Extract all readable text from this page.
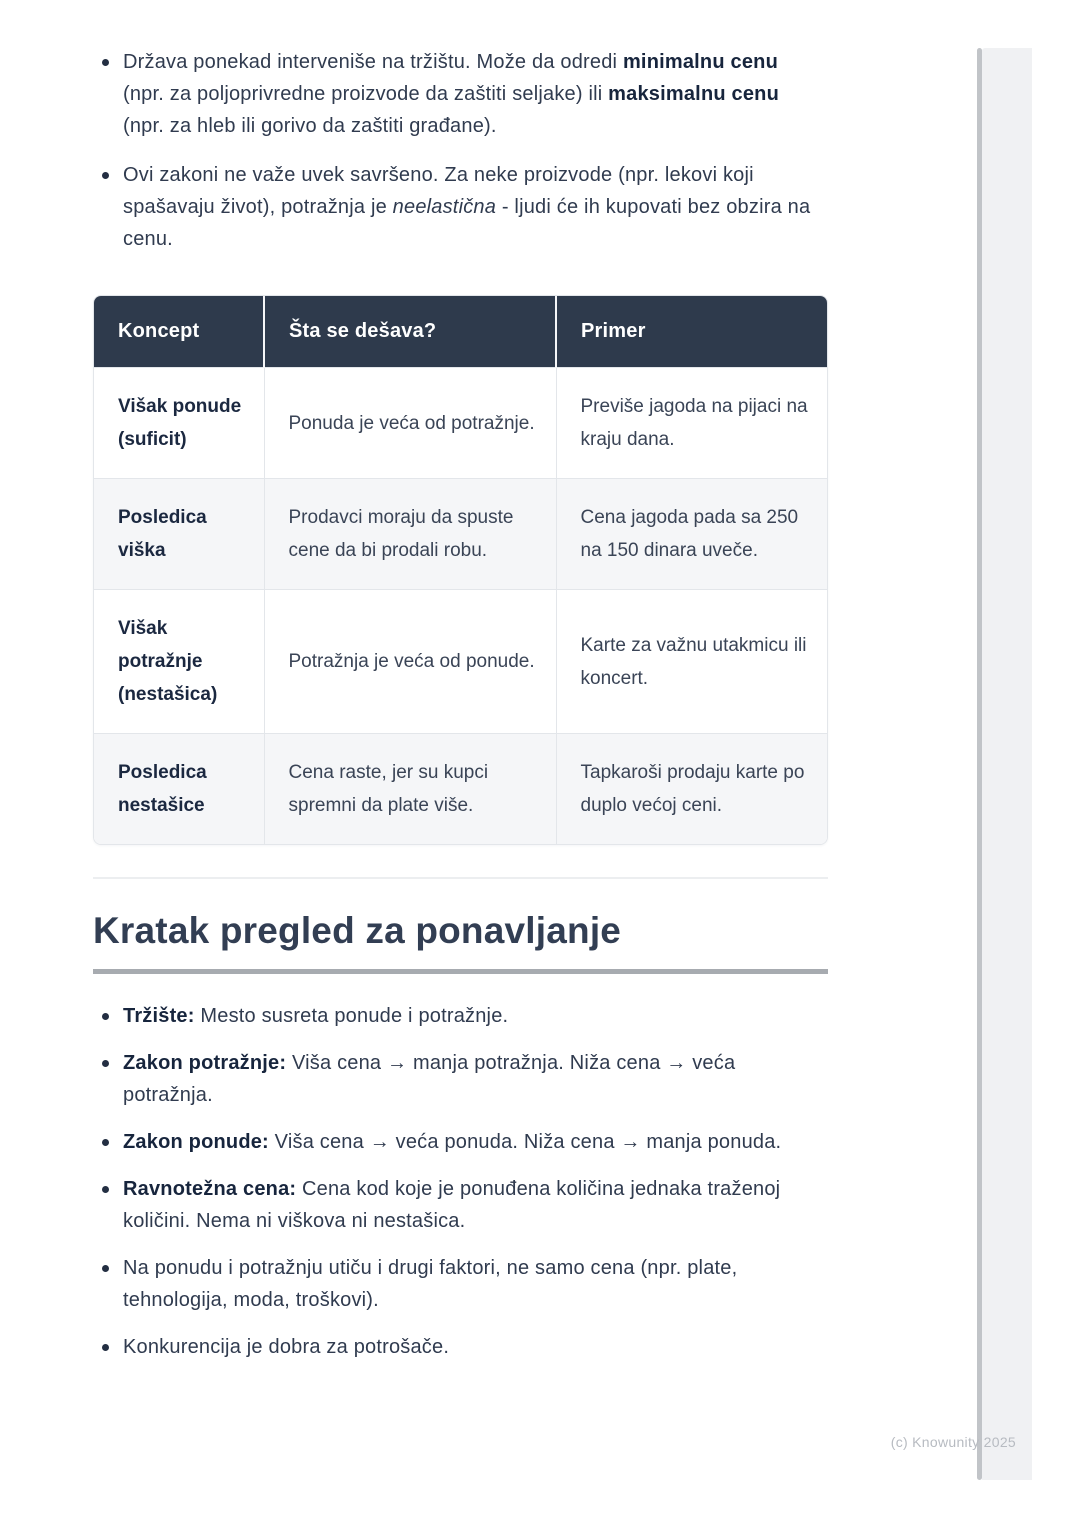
Država ponekad interveniše na tržištu. Može da odredi minimalnu cenu (npr. za poljoprivredne proizvode da zaštiti seljake) ili maksimalnu cenu (npr. za hleb ili gorivo da zaštiti građane).
Ovi zakoni ne važe uvek savršeno. Za neke proizvode (npr. lekovi koji spašavaju život), potražnja je neelastična - ljudi će ih kupovati bez obzira na cenu.
Koncept	Šta se dešava?	Primer
Višak ponude (suficit)	Ponuda je veća od potražnje.	Previše jagoda na pijaci na kraju dana.
Posledica viška	Prodavci moraju da spuste cene da bi prodali robu.	Cena jagoda pada sa 250 na 150 dinara uveče.
Višak potražnje (nestašica)	Potražnja je veća od ponude.	Karte za važnu utakmicu ili koncert.
Posledica nestašice	Cena raste, jer su kupci spremni da plate više.	Tapkaroši prodaju karte po duplo većoj ceni.
Kratak pregled za ponavljanje
Tržište: Mesto susreta ponude i potražnje.
Zakon potražnje: Viša cena → manja potražnja. Niža cena → veća potražnja.
Zakon ponude: Viša cena → veća ponuda. Niža cena → manja ponuda.
Ravnotežna cena: Cena kod koje je ponuđena količina jednaka traženoj količini. Nema ni viškova ni nestašica.
Na ponudu i potražnju utiču i drugi faktori, ne samo cena (npr. plate, tehnologija, moda, troškovi).
Konkurencija je dobra za potrošače.
(c) Knowunity 2025
